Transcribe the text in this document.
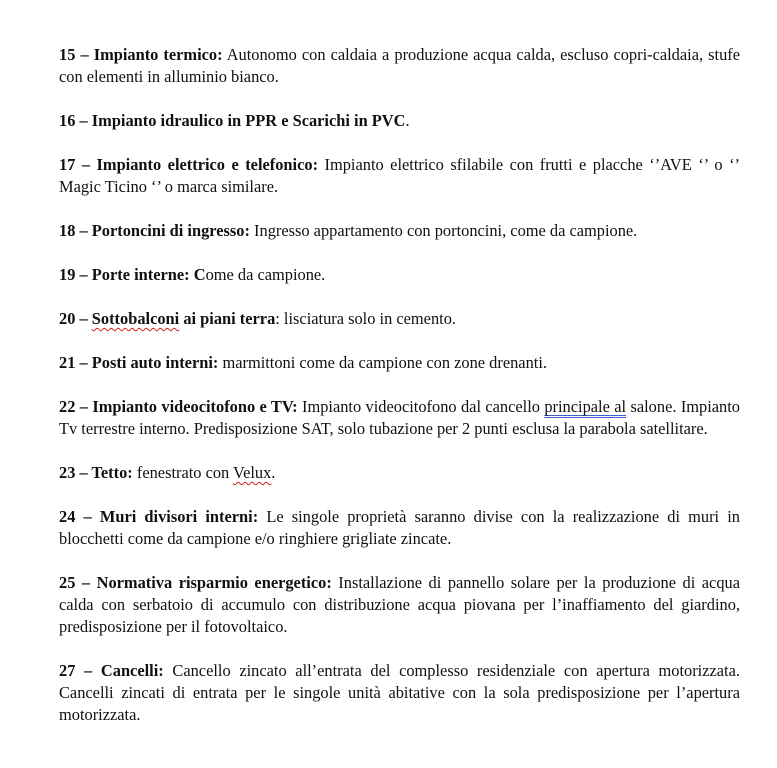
15 – Impianto termico: Autonomo con caldaia a produzione acqua calda, escluso copri-caldaia, stufe con elementi in alluminio bianco.

16 – Impianto idraulico in PPR e Scarichi in PVC.

17 – Impianto elettrico e telefonico: Impianto elettrico sfilabile con frutti e placche ‘’AVE ‘’ o ‘’ Magic Ticino ‘’ o marca similare.

18 – Portoncini di ingresso: Ingresso appartamento con portoncini, come da campione.

19 – Porte interne: Come da campione.

20 – Sottobalconi ai piani terra: lisciatura solo in cemento.

21 – Posti auto interni: marmittoni come da campione con zone drenanti.

22 – Impianto videocitofono e TV: Impianto videocitofono dal cancello principale al salone. Impianto Tv terrestre interno. Predisposizione SAT, solo tubazione per 2 punti esclusa la parabola satellitare.

23 – Tetto: fenestrato con Velux.

24 – Muri divisori interni: Le singole proprietà saranno divise con la realizzazione di muri in blocchetti come da campione e/o ringhiere grigliate zincate.

25 – Normativa risparmio energetico: Installazione di pannello solare per la produzione di acqua calda con serbatoio di accumulo con distribuzione acqua piovana per l’inaffiamento del giardino, predisposizione per il fotovoltaico.

27 – Cancelli: Cancello zincato all’entrata del complesso residenziale con apertura motorizzata. Cancelli zincati di entrata per le singole unità abitative con la sola predisposizione per l’apertura motorizzata.
